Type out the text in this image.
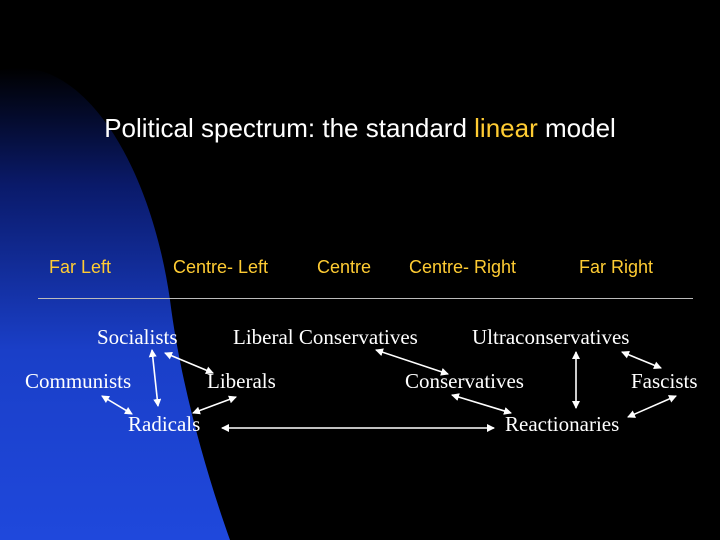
Political spectrum: the standard linear model
Far Left	Centre- Left	Centre Centre- Right	Far Right
Socialists	Liberal Conservatives	Ultraconservatives
Communists	Liberals	Conservatives	Fascists
Radicals	Reactionaries
